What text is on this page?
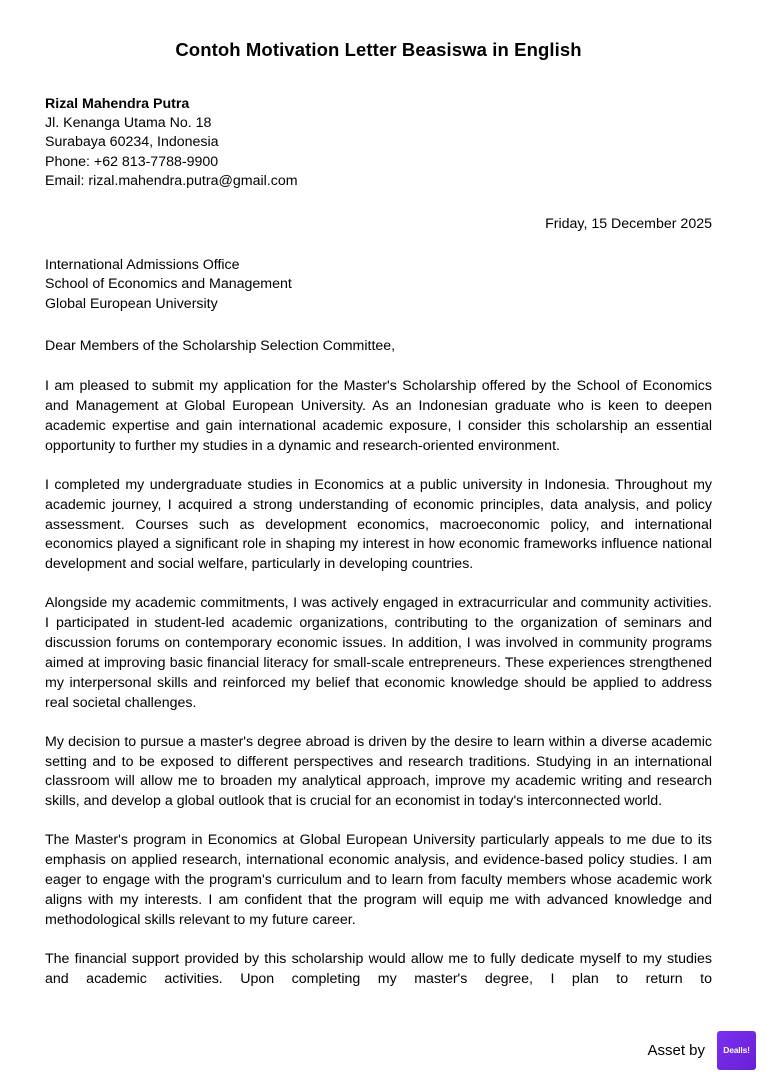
Contoh Motivation Letter Beasiswa in English
Rizal Mahendra Putra
Jl. Kenanga Utama No. 18
Surabaya 60234, Indonesia
Phone: +62 813-7788-9900
Email: rizal.mahendra.putra@gmail.com
Friday, 15 December 2025
International Admissions Office
School of Economics and Management
Global European University
Dear Members of the Scholarship Selection Committee,

I am pleased to submit my application for the Master's Scholarship offered by the School of Economics and Management at Global European University. As an Indonesian graduate who is keen to deepen academic expertise and gain international academic exposure, I consider this scholarship an essential opportunity to further my studies in a dynamic and research-oriented environment.

I completed my undergraduate studies in Economics at a public university in Indonesia. Throughout my academic journey, I acquired a strong understanding of economic principles, data analysis, and policy assessment. Courses such as development economics, macroeconomic policy, and international economics played a significant role in shaping my interest in how economic frameworks influence national development and social welfare, particularly in developing countries.

Alongside my academic commitments, I was actively engaged in extracurricular and community activities. I participated in student-led academic organizations, contributing to the organization of seminars and discussion forums on contemporary economic issues. In addition, I was involved in community programs aimed at improving basic financial literacy for small-scale entrepreneurs. These experiences strengthened my interpersonal skills and reinforced my belief that economic knowledge should be applied to address real societal challenges.

My decision to pursue a master's degree abroad is driven by the desire to learn within a diverse academic setting and to be exposed to different perspectives and research traditions. Studying in an international classroom will allow me to broaden my analytical approach, improve my academic writing and research skills, and develop a global outlook that is crucial for an economist in today's interconnected world.

The Master's program in Economics at Global European University particularly appeals to me due to its emphasis on applied research, international economic analysis, and evidence-based policy studies. I am eager to engage with the program's curriculum and to learn from faculty members whose academic work aligns with my interests. I am confident that the program will equip me with advanced knowledge and methodological skills relevant to my future career.

The financial support provided by this scholarship would allow me to fully dedicate myself to my studies and academic activities. Upon completing my master's degree, I plan to return to

Asset by Dealls!
